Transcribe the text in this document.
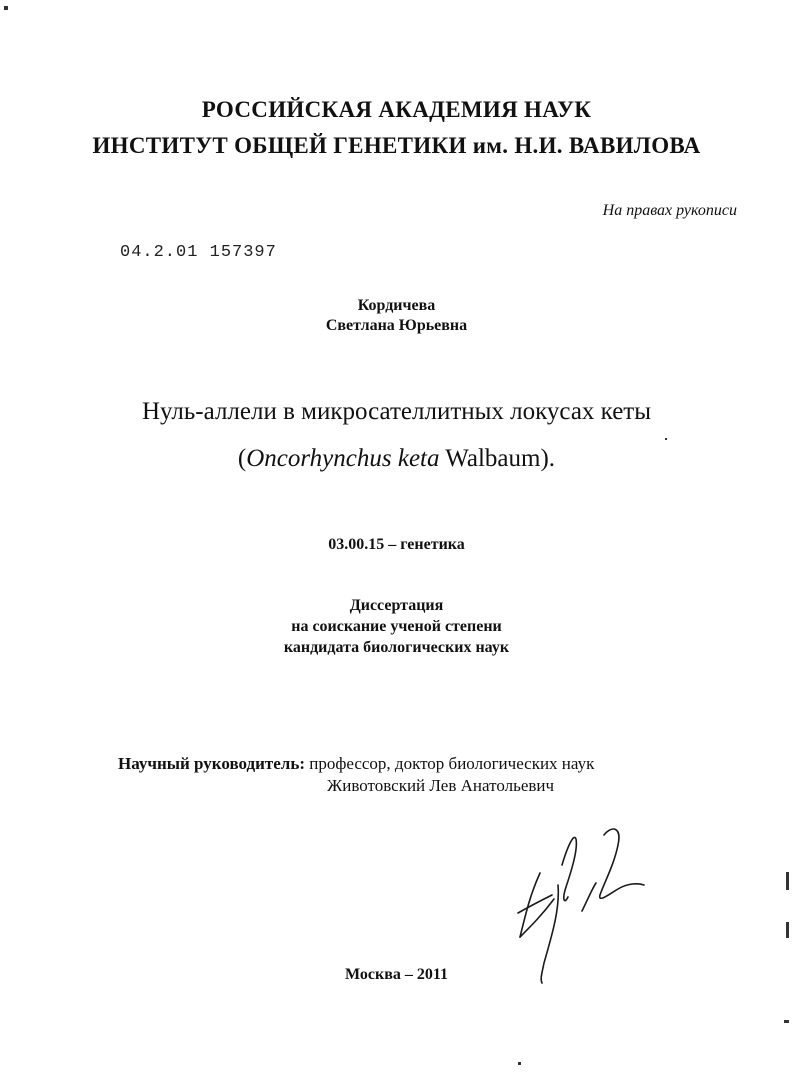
РОССИЙСКАЯ АКАДЕМИЯ НАУК
ИНСТИТУТ ОБЩЕЙ ГЕНЕТИКИ им. Н.И. ВАВИЛОВА
На правах рукописи
04.2.01 157397
Кордичева
Светлана Юрьевна
Нуль-аллели в микросателлитных локусах кеты
(Oncorhynchus keta Walbaum).
03.00.15 – генетика
Диссертация
на соискание ученой степени
кандидата биологических наук
Научный руководитель: профессор, доктор биологических наук
Животовский Лев Анатольевич
Москва – 2011
